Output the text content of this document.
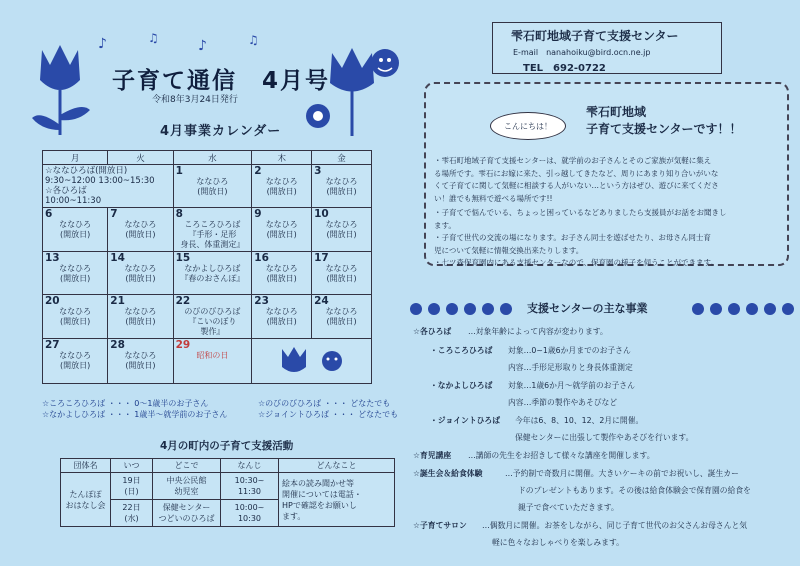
♪	♫	♪	♫
子育て通信　4月号
令和8年3月24日発行
4月事業カレンダー
月	火	水	木	金

☆ななひろば(開放日)
9:30~12:00 13:00~15:30
☆各ひろば
10:00~11:30		1
ななひろ
(開放日)	2
ななひろ
(開放日)	3
ななひろ
(開放日)

6
ななひろ
(開放日)	7
ななひろ
(開放日)	8
ころころひろば
『手形・足形
身長、体重測定』	9
ななひろ
(開放日)	10
ななひろ
(開放日)

13
ななひろ
(開放日)	14
ななひろ
(開放日)	15
なかよしひろば
『春のおさんぽ』	16
ななひろ
(開放日)	17
ななひろ
(開放日)

20
ななひろ
(開放日)	21
ななひろ
(開放日)	22
のびのびひろば
『こいのぼり
製作』	23
ななひろ
(開放日)	24
ななひろ
(開放日)

27
ななひろ
(開放日)	28
ななひろ
(開放日)	29
昭和の日

☆ころころひろば ・・・ 0～1歳半のお子さん
☆なかよしひろば ・・・ 1歳半～就学前のお子さん
☆のびのびひろば ・・・ どなたでも
☆ジョイントひろば ・・・ どなたでも
4月の町内の子育て支援活動
団体名	いつ	どこで	なんじ	どんなこと
たんぽぽ
おはなし会	19日
(日)	中央公民館
幼児室	10:30~
11:30	絵本の読み聞かせ等
開催については電話・
HPで確認をお願いし
ます。
	22日
(水)	保健センター
つどいのひろば	10:00~
10:30	
雫石町地域子育て支援センター
E-mail　nanahoiku@bird.ocn.ne.jp
TEL　692-0722
こんにちは！
雫石町地域
子育て支援センターです！！
・雫石町地域子育て支援センターは、就学前のお子さんとそのご家族が気軽に集え
る場所です。雫石にお嫁に来た、引っ越してきたなど、周りにあまり知り合いがいな
くて子育てに関して気軽に相談する人がいない…という方はぜひ、遊びに来てくださ
い！誰でも無料で遊べる場所です!!
・子育てで悩んでいる、ちょっと困っているなどありましたら支援員がお話をお聞きし
ます。
・子育て世代の交流の場になります。お子さん同士を遊ばせたり、お母さん同士育
児について気軽に情報交換出来たりします。
・七ツ森保育園内にある支援センターなので、保育園の様子を伺うことができます。
支援センターの主な事業
☆各ひろば …対象年齢によって内容が変わります。
・ころころひろば 対象…0~1歳6か月までのお子さん
内容…手形足形取りと身長体重測定
・なかよしひろば 対象…1歳6か月～就学前のお子さん
内容…季節の製作やあそびなど
・ジョイントひろば 今年は6、8、10、12、2月に開催。
保健センターに出張して製作やあそびを行います。
☆育児講座 …講師の先生をお招きして様々な講座を開催します。
☆誕生会＆給食体験	…予約制で奇数月に開催。大きいケーキの前でお祝いし、誕生カー
ドのプレゼントもあります。その後は給食体験会で保育園の給食を
親子で食べていただきます。
☆子育てサロン …偶数月に開催。お茶をしながら、同じ子育て世代のお父さんお母さんと気
軽に色々なおしゃべりを楽しみます。
